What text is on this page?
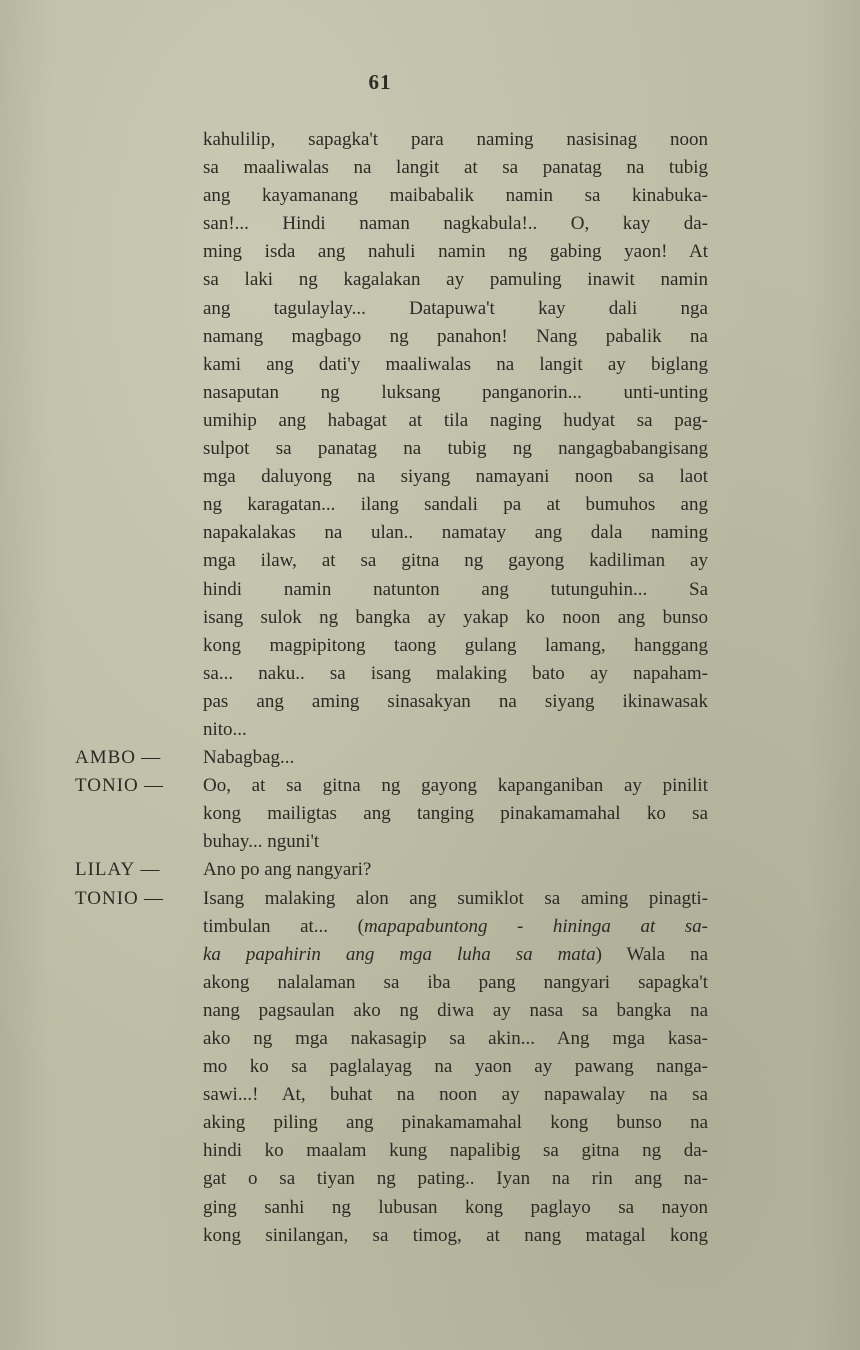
61
kahulilip, sapagka't para naming nasisinag noon
sa maaliwalas na langit at sa panatag na tubig
ang kayamanang maibabalik namin sa kinabuka-
san!... Hindi naman nagkabula!.. O, kay da-
ming isda ang nahuli namin ng gabing yaon! At
sa laki ng kagalakan ay pamuling inawit namin
ang tagulaylay... Datapuwa't kay dali nga
namang magbago ng panahon! Nang pabalik na
kami ang dati'y maaliwalas na langit ay biglang
nasaputan ng luksang panganorin... unti-unting
umihip ang habagat at tila naging hudyat sa pag-
sulpot sa panatag na tubig ng nangagbabangisang
mga daluyong na siyang namayani noon sa laot
ng karagatan... ilang sandali pa at bumuhos ang
napakalakas na ulan.. namatay ang dala naming
mga ilaw, at sa gitna ng gayong kadiliman ay
hindi namin natunton ang tutunguhin... Sa
isang sulok ng bangka ay yakap ko noon ang bunso
kong magpipitong taong gulang lamang, hanggang
sa... naku.. sa isang malaking bato ay napaham-
pas ang aming sinasakyan na siyang ikinawasak
nito...
AMBO — Nabagbag...
TONIO — Oo, at sa gitna ng gayong kapanganiban ay pinilit
kong mailigtas ang tanging pinakamamahal ko sa
buhay... nguni't
LILAY — Ano po ang nangyari?
TONIO — Isang malaking alon ang sumiklot sa aming pinagti-
timbulan at... (mapapabuntong - hininga at sa-
ka papahirin ang mga luha sa mata) Wala na
akong nalalaman sa iba pang nangyari sapagka't
nang pagsaulan ako ng diwa ay nasa sa bangka na
ako ng mga nakasagip sa akin... Ang mga kasa-
mo ko sa paglalayag na yaon ay pawang nanga-
sawi...! At, buhat na noon ay napawalay na sa
aking piling ang pinakamamahal kong bunso na
hindi ko maalam kung napalibig sa gitna ng da-
gat o sa tiyan ng pating.. Iyan na rin ang na-
ging sanhi ng lubusan kong paglayo sa nayon
kong sinilangan, sa timog, at nang matagal kong
